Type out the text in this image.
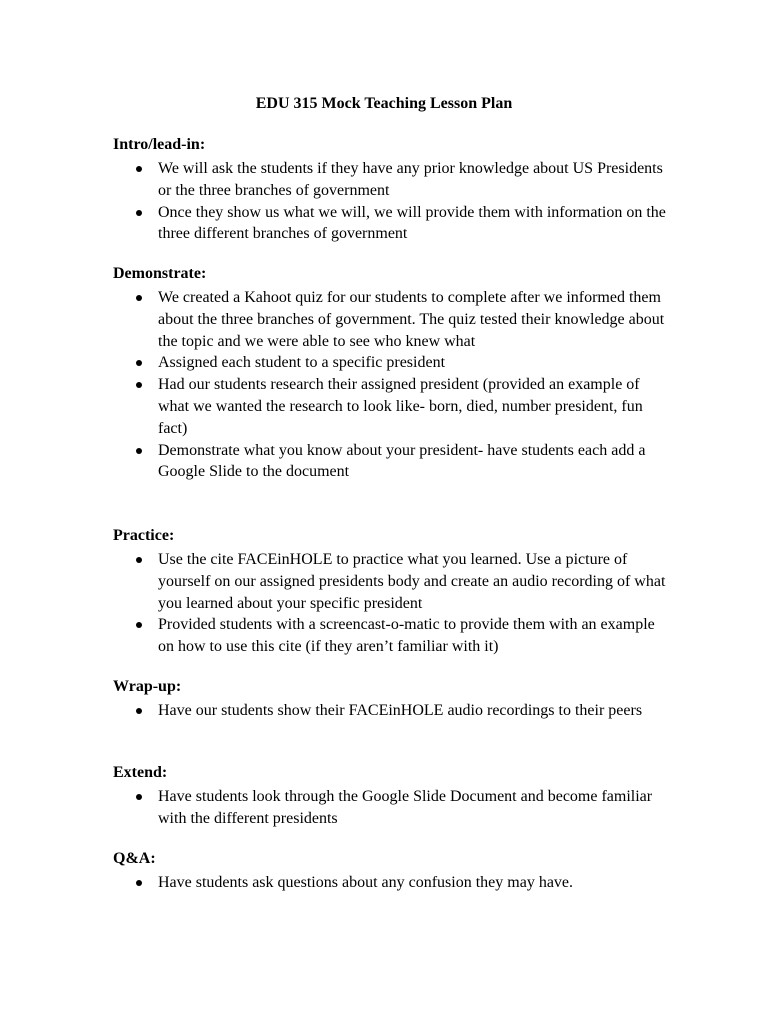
EDU 315 Mock Teaching Lesson Plan
Intro/lead-in:
We will ask the students if they have any prior knowledge about US Presidents or the three branches of government
Once they show us what we will, we will provide them with information on the three different branches of government
Demonstrate:
We created a Kahoot quiz for our students to complete after we informed them about the three branches of government. The quiz tested their knowledge about the topic and we were able to see who knew what
Assigned each student to a specific president
Had our students research their assigned president (provided an example of what we wanted the research to look like- born, died, number president, fun fact)
Demonstrate what you know about your president- have students each add a Google Slide to the document
Practice:
Use the cite FACEinHOLE to practice what you learned. Use a picture of yourself on our assigned presidents body and create an audio recording of what you learned about your specific president
Provided students with a screencast-o-matic to provide them with an example on how to use this cite (if they aren’t familiar with it)
Wrap-up:
Have our students show their FACEinHOLE audio recordings to their peers
Extend:
Have students look through the Google Slide Document and become familiar with the different presidents
Q&A:
Have students ask questions about any confusion they may have.
